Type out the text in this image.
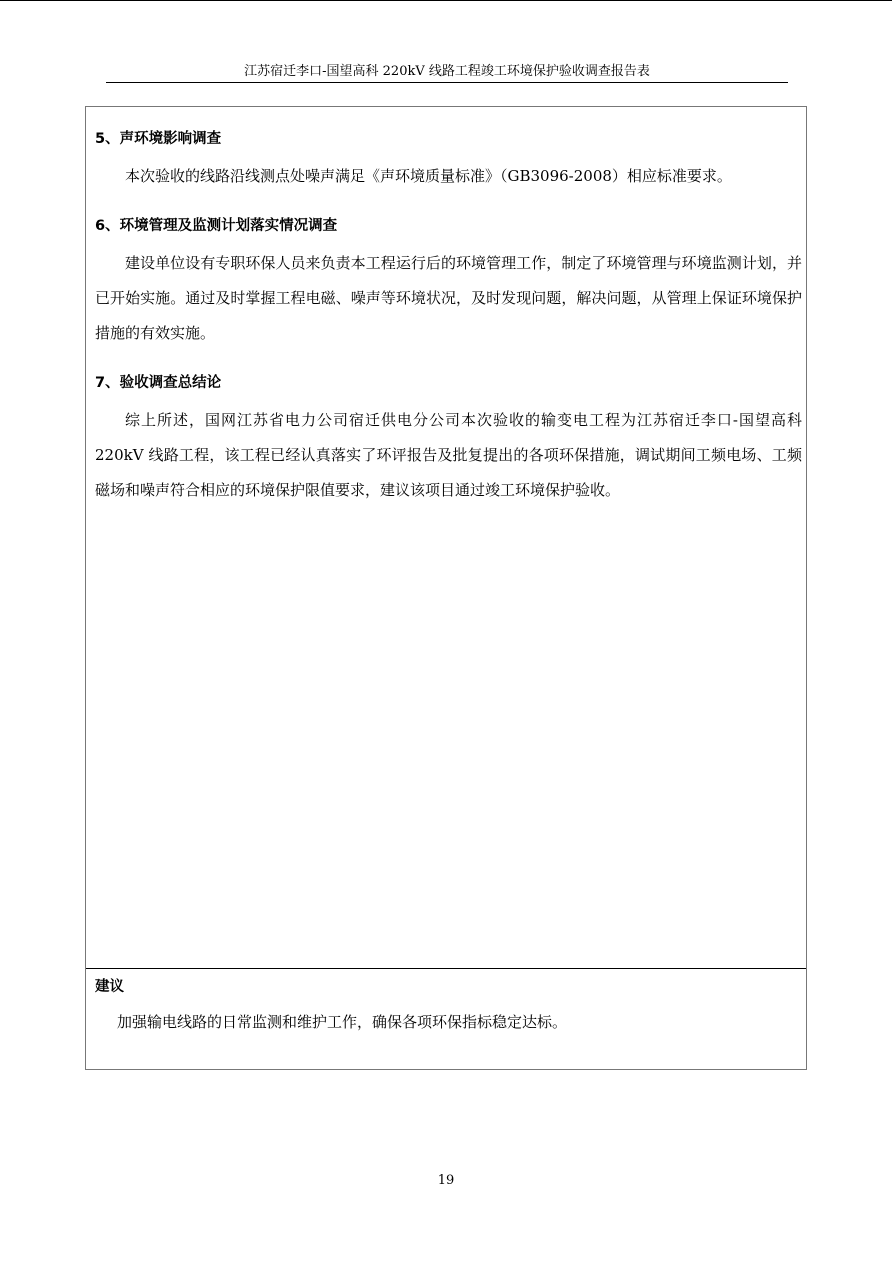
江苏宿迁李口-国望高科 220kV 线路工程竣工环境保护验收调查报告表
5、声环境影响调查

本次验收的线路沿线测点处噪声满足《声环境质量标准》（GB3096-2008）相应标准要求。

6、环境管理及监测计划落实情况调查

建设单位设有专职环保人员来负责本工程运行后的环境管理工作，制定了环境管理与环境监测计划，并已开始实施。通过及时掌握工程电磁、噪声等环境状况，及时发现问题，解决问题，从管理上保证环境保护措施的有效实施。

7、验收调查总结论

综上所述，国网江苏省电力公司宿迁供电分公司本次验收的输变电工程为江苏宿迁李口-国望高科220kV 线路工程，该工程已经认真落实了环评报告及批复提出的各项环保措施，调试期间工频电场、工频磁场和噪声符合相应的环境保护限值要求，建议该项目通过竣工环境保护验收。

建议

加强输电线路的日常监测和维护工作，确保各项环保指标稳定达标。

19
